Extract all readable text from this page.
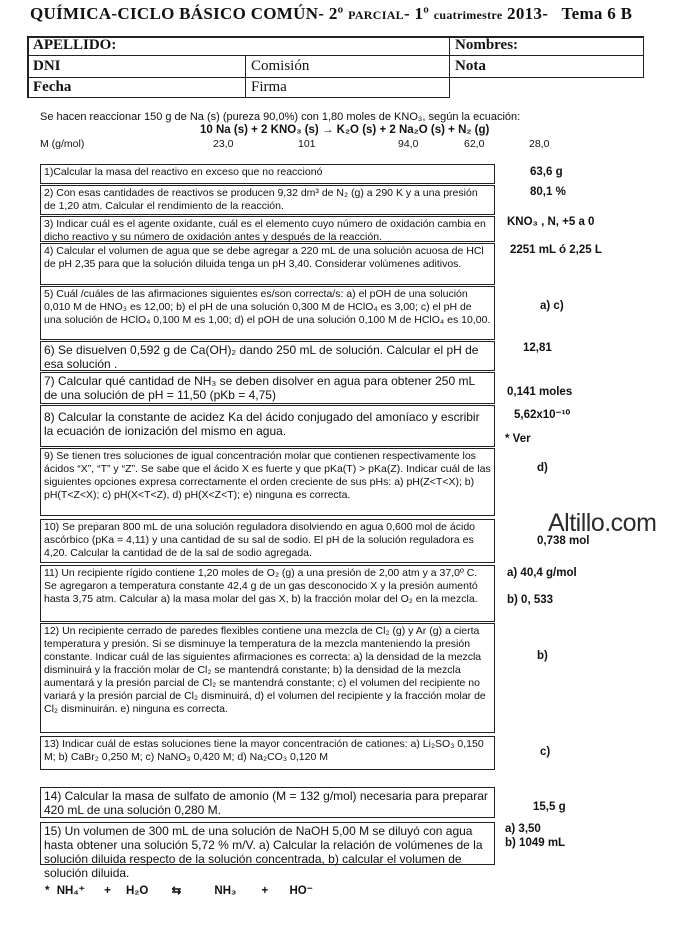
QUÍMICA-CICLO BÁSICO COMÚN- 2º PARCIAL- 1º cuatrimestre 2013- Tema 6 B
APELLIDO:	Nombres:
DNI	Comisión	Nota
Fecha	Firma
Se hacen reaccionar 150 g de Na (s) (pureza 90,0%) con 1,80 moles de KNO₃, según la ecuación:
10 Na (s) + 2 KNO₃ (s) → K₂O (s) + 2 Na₂O (s) + N₂ (g)
M (g/mol)	23,0	101	94,0	62,0	28,0
1)Calcular la masa del reactivo en exceso que no reaccionó	63,6 g
2) Con esas cantidades de reactivos se producen 9,32 dm³ de N₂ (g) a 290 K y a una presión de 1,20 atm. Calcular el rendimiento de la reacción.
80,1 %
3) Indicar cuál es el agente oxidante, cuál es el elemento cuyo número de oxidación cambia en dicho reactivo y su número de oxidación antes y después de la reacción.
KNO₃ , N, +5 a 0
4) Calcular el volumen de agua que se debe agregar a 220 mL de una solución acuosa de HCl de pH 2,35 para que la solución diluida tenga un pH 3,40. Considerar volúmenes aditivos.
2251 mL ó 2,25 L
5) Cuál /cuáles de las afirmaciones siguientes es/son correcta/s: a) el pOH de una solución 0,010 M de HNO₃ es 12,00; b) el pH de una solución 0,300 M de HClO₄ es 3,00; c) el pH de una solución de HClO₄ 0,100 M es 1,00; d) el pOH de una solución 0,100 M de HClO₄ es 10,00.
a) c)
6) Se disuelven 0,592 g de Ca(OH)₂ dando 250 mL de solución. Calcular el pH de esa solución .
12,81
7) Calcular qué cantidad de NH₃ se deben disolver en agua para obtener 250 mL de una solución de pH = 11,50 (pKb = 4,75)	0,141 moles
8) Calcular la constante de acidez Ka del ácido conjugado del amoníaco y escribir la ecuación de ionización del mismo en agua.
5,62x10⁻¹⁰
* Ver
9) Se tienen tres soluciones de igual concentración molar que contienen respectivamente los ácidos “X”, “T” y “Z”. Se sabe que el ácido X es fuerte y que pKa(T) > pKa(Z). Indicar cuál de las siguientes opciones expresa correctamente el orden creciente de sus pHs: a) pH(Z<T<X); b) pH(T<Z<X); c) pH(X<T<Z), d) pH(X<Z<T); e) ninguna es correcta.
d)
Altillo.com
10) Se preparan 800 mL de una solución reguladora disolviendo en agua 0,600 mol de ácido ascórbico (pKa = 4,11) y una cantidad de su sal de sodio. El pH de la solución reguladora es 4,20. Calcular la cantidad de de la sal de sodio agregada.
0,738 mol
11) Un recipiente rígido contiene 1,20 moles de O₂ (g) a una presión de 2,00 atm y a 37,0º C. Se agregaron a temperatura constante 42,4 g de un gas desconocido X y la presión aumentó hasta 3,75 atm. Calcular a) la masa molar del gas X, b) la fracción molar del O₂ en la mezcla.
a) 40,4 g/mol
b) 0, 533
12) Un recipiente cerrado de paredes flexibles contiene una mezcla de Cl₂ (g) y Ar (g) a cierta temperatura y presión. Si se disminuye la temperatura de la mezcla manteniendo la presión constante. Indicar cuál de las siguientes afirmaciones es correcta: a) la densidad de la mezcla disminuirá y la fracción molar de Cl₂ se mantendrá constante; b) la densidad de la mezcla aumentará y la presión parcial de Cl₂ se mantendrá constante; c) el volumen del recipiente no variará y la presión parcial de Cl₂ disminuirá, d) el volumen del recipiente y la fracción molar de Cl₂ disminuirán. e) ninguna es correcta.
b)
13) Indicar cuál de estas soluciones tiene la mayor concentración de cationes: a) Li₂SO₃ 0,150 M; b) CaBr₂ 0,250 M; c) NaNO₃ 0,420 M; d) Na₂CO₃ 0,120 M	c)
14) Calcular la masa de sulfato de amonio (M = 132 g/mol) necesaria para preparar 420 mL de una solución 0,280 M.	15,5 g
15) Un volumen de 300 mL de una solución de NaOH 5,00 M se diluyó con agua hasta obtener una solución 5,72 % m/V. a) Calcular la relación de volúmenes de la solución diluida respecto de la solución concentrada, b) calcular el volumen de solución diluida.
a) 3,50
b) 1049 mL
* NH₄⁺ + H₂O ⇆	NH₃ + HO⁻
